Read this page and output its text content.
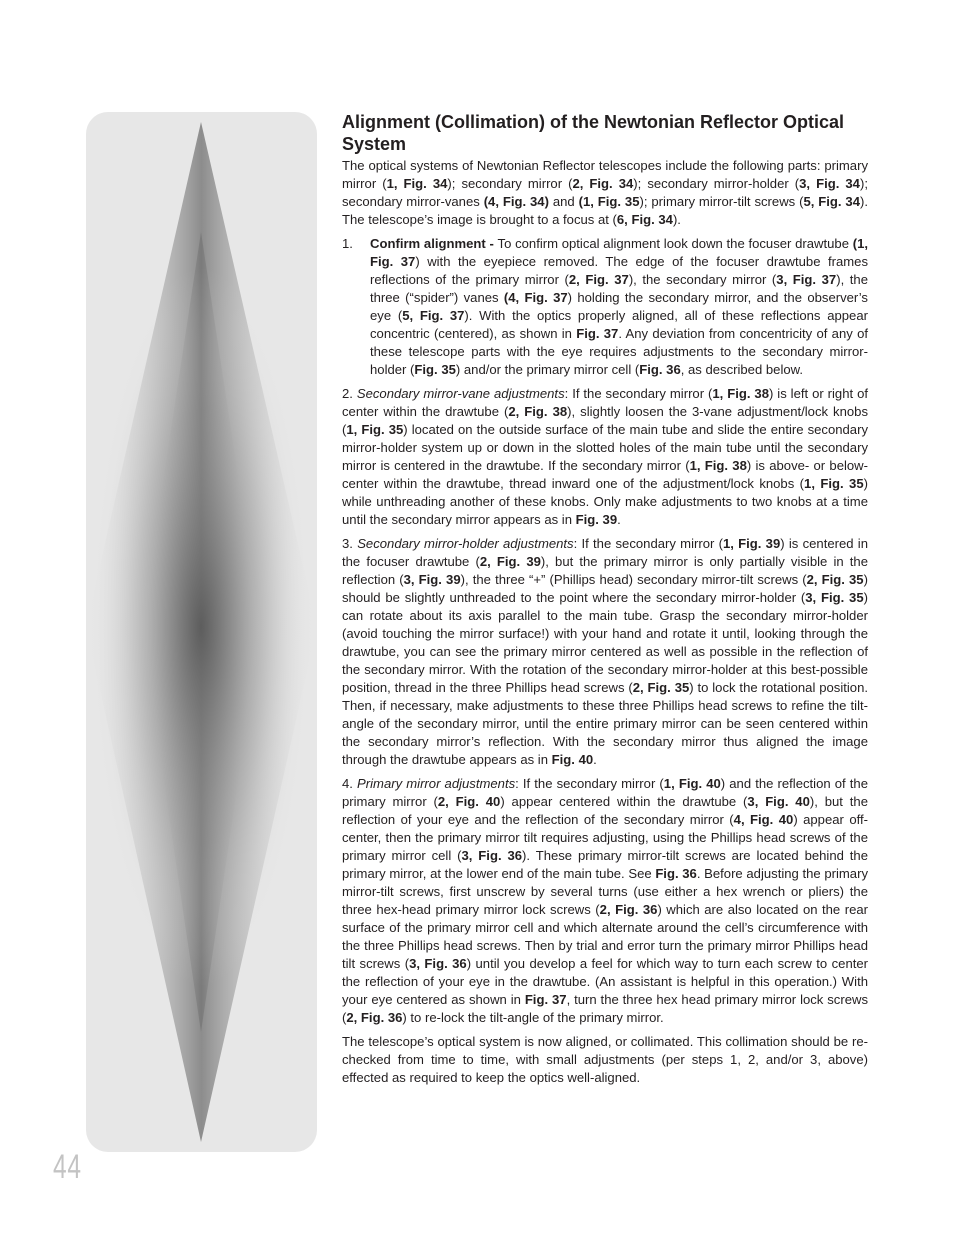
44
Alignment (Collimation) of the Newtonian Reflector Optical System

The optical systems of Newtonian Reflector telescopes include the following parts: primary mirror (1, Fig. 34); secondary mirror (2, Fig. 34); secondary mirror-holder (3, Fig. 34); secondary mirror-vanes (4, Fig. 34) and (1, Fig. 35); primary mirror-tilt screws (5, Fig. 34). The telescope’s image is brought to a focus at (6, Fig. 34).

1.	Confirm alignment - To confirm optical alignment look down the focuser drawtube (1, Fig. 37) with the eyepiece removed. The edge of the focuser drawtube frames reflections of the primary mirror (2, Fig. 37), the secondary mirror (3, Fig. 37), the three (“spider”) vanes (4, Fig. 37) holding the secondary mirror, and the observer’s eye (5, Fig. 37). With the optics properly aligned, all of these reflections appear concentric (centered), as shown in Fig. 37. Any deviation from concentricity of any of these telescope parts with the eye requires adjustments to the secondary mirror-holder (Fig. 35) and/or the primary mirror cell (Fig. 36, as described below.

2. Secondary mirror-vane adjustments: If the secondary mirror (1, Fig. 38) is left or right of center within the drawtube (2, Fig. 38), slightly loosen the 3-vane adjustment/lock knobs (1, Fig. 35) located on the outside surface of the main tube and slide the entire secondary mirror-holder system up or down in the slotted holes of the main tube until the secondary mirror is centered in the drawtube. If the secondary mirror (1, Fig. 38) is above- or below-center within the drawtube, thread inward one of the adjustment/lock knobs (1, Fig. 35) while unthreading another of these knobs. Only make adjustments to two knobs at a time until the secondary mirror appears as in Fig. 39.

3. Secondary mirror-holder adjustments: If the secondary mirror (1, Fig. 39) is centered in the focuser drawtube (2, Fig. 39), but the primary mirror is only partially visible in the reflection (3, Fig. 39), the three “+” (Phillips head) secondary mirror-tilt screws (2, Fig. 35) should be slightly unthreaded to the point where the secondary mirror-holder (3, Fig. 35) can rotate about its axis parallel to the main tube. Grasp the secondary mirror-holder (avoid touching the mirror surface!) with your hand and rotate it until, looking through the drawtube, you can see the primary mirror centered as well as possible in the reflection of the secondary mirror. With the rotation of the secondary mirror-holder at this best-possible position, thread in the three Phillips head screws (2, Fig. 35) to lock the rotational position. Then, if necessary, make adjustments to these three Phillips head screws to refine the tilt-angle of the secondary mirror, until the entire primary mirror can be seen centered within the secondary mirror’s reflection. With the secondary mirror thus aligned the image through the drawtube appears as in Fig. 40.

4. Primary mirror adjustments: If the secondary mirror (1, Fig. 40) and the reflection of the primary mirror (2, Fig. 40) appear centered within the drawtube (3, Fig. 40), but the reflection of your eye and the reflection of the secondary mirror (4, Fig. 40) appear off-center, then the primary mirror tilt requires adjusting, using the Phillips head screws of the primary mirror cell (3, Fig. 36). These primary mirror-tilt screws are located behind the primary mirror, at the lower end of the main tube. See Fig. 36. Before adjusting the primary mirror-tilt screws, first unscrew by several turns (use either a hex wrench or pliers) the three hex-head primary mirror lock screws (2, Fig. 36) which are also located on the rear surface of the primary mirror cell and which alternate around the cell’s circumference with the three Phillips head screws. Then by trial and error turn the primary mirror Phillips head tilt screws (3, Fig. 36) until you develop a feel for which way to turn each screw to center the reflection of your eye in the drawtube. (An assistant is helpful in this operation.) With your eye centered as shown in Fig. 37, turn the three hex head primary mirror lock screws (2, Fig. 36) to re-lock the tilt-angle of the primary mirror.

The telescope’s optical system is now aligned, or collimated. This collimation should be re-checked from time to time, with small adjustments (per steps 1, 2, and/or 3, above) effected as required to keep the optics well-aligned.
